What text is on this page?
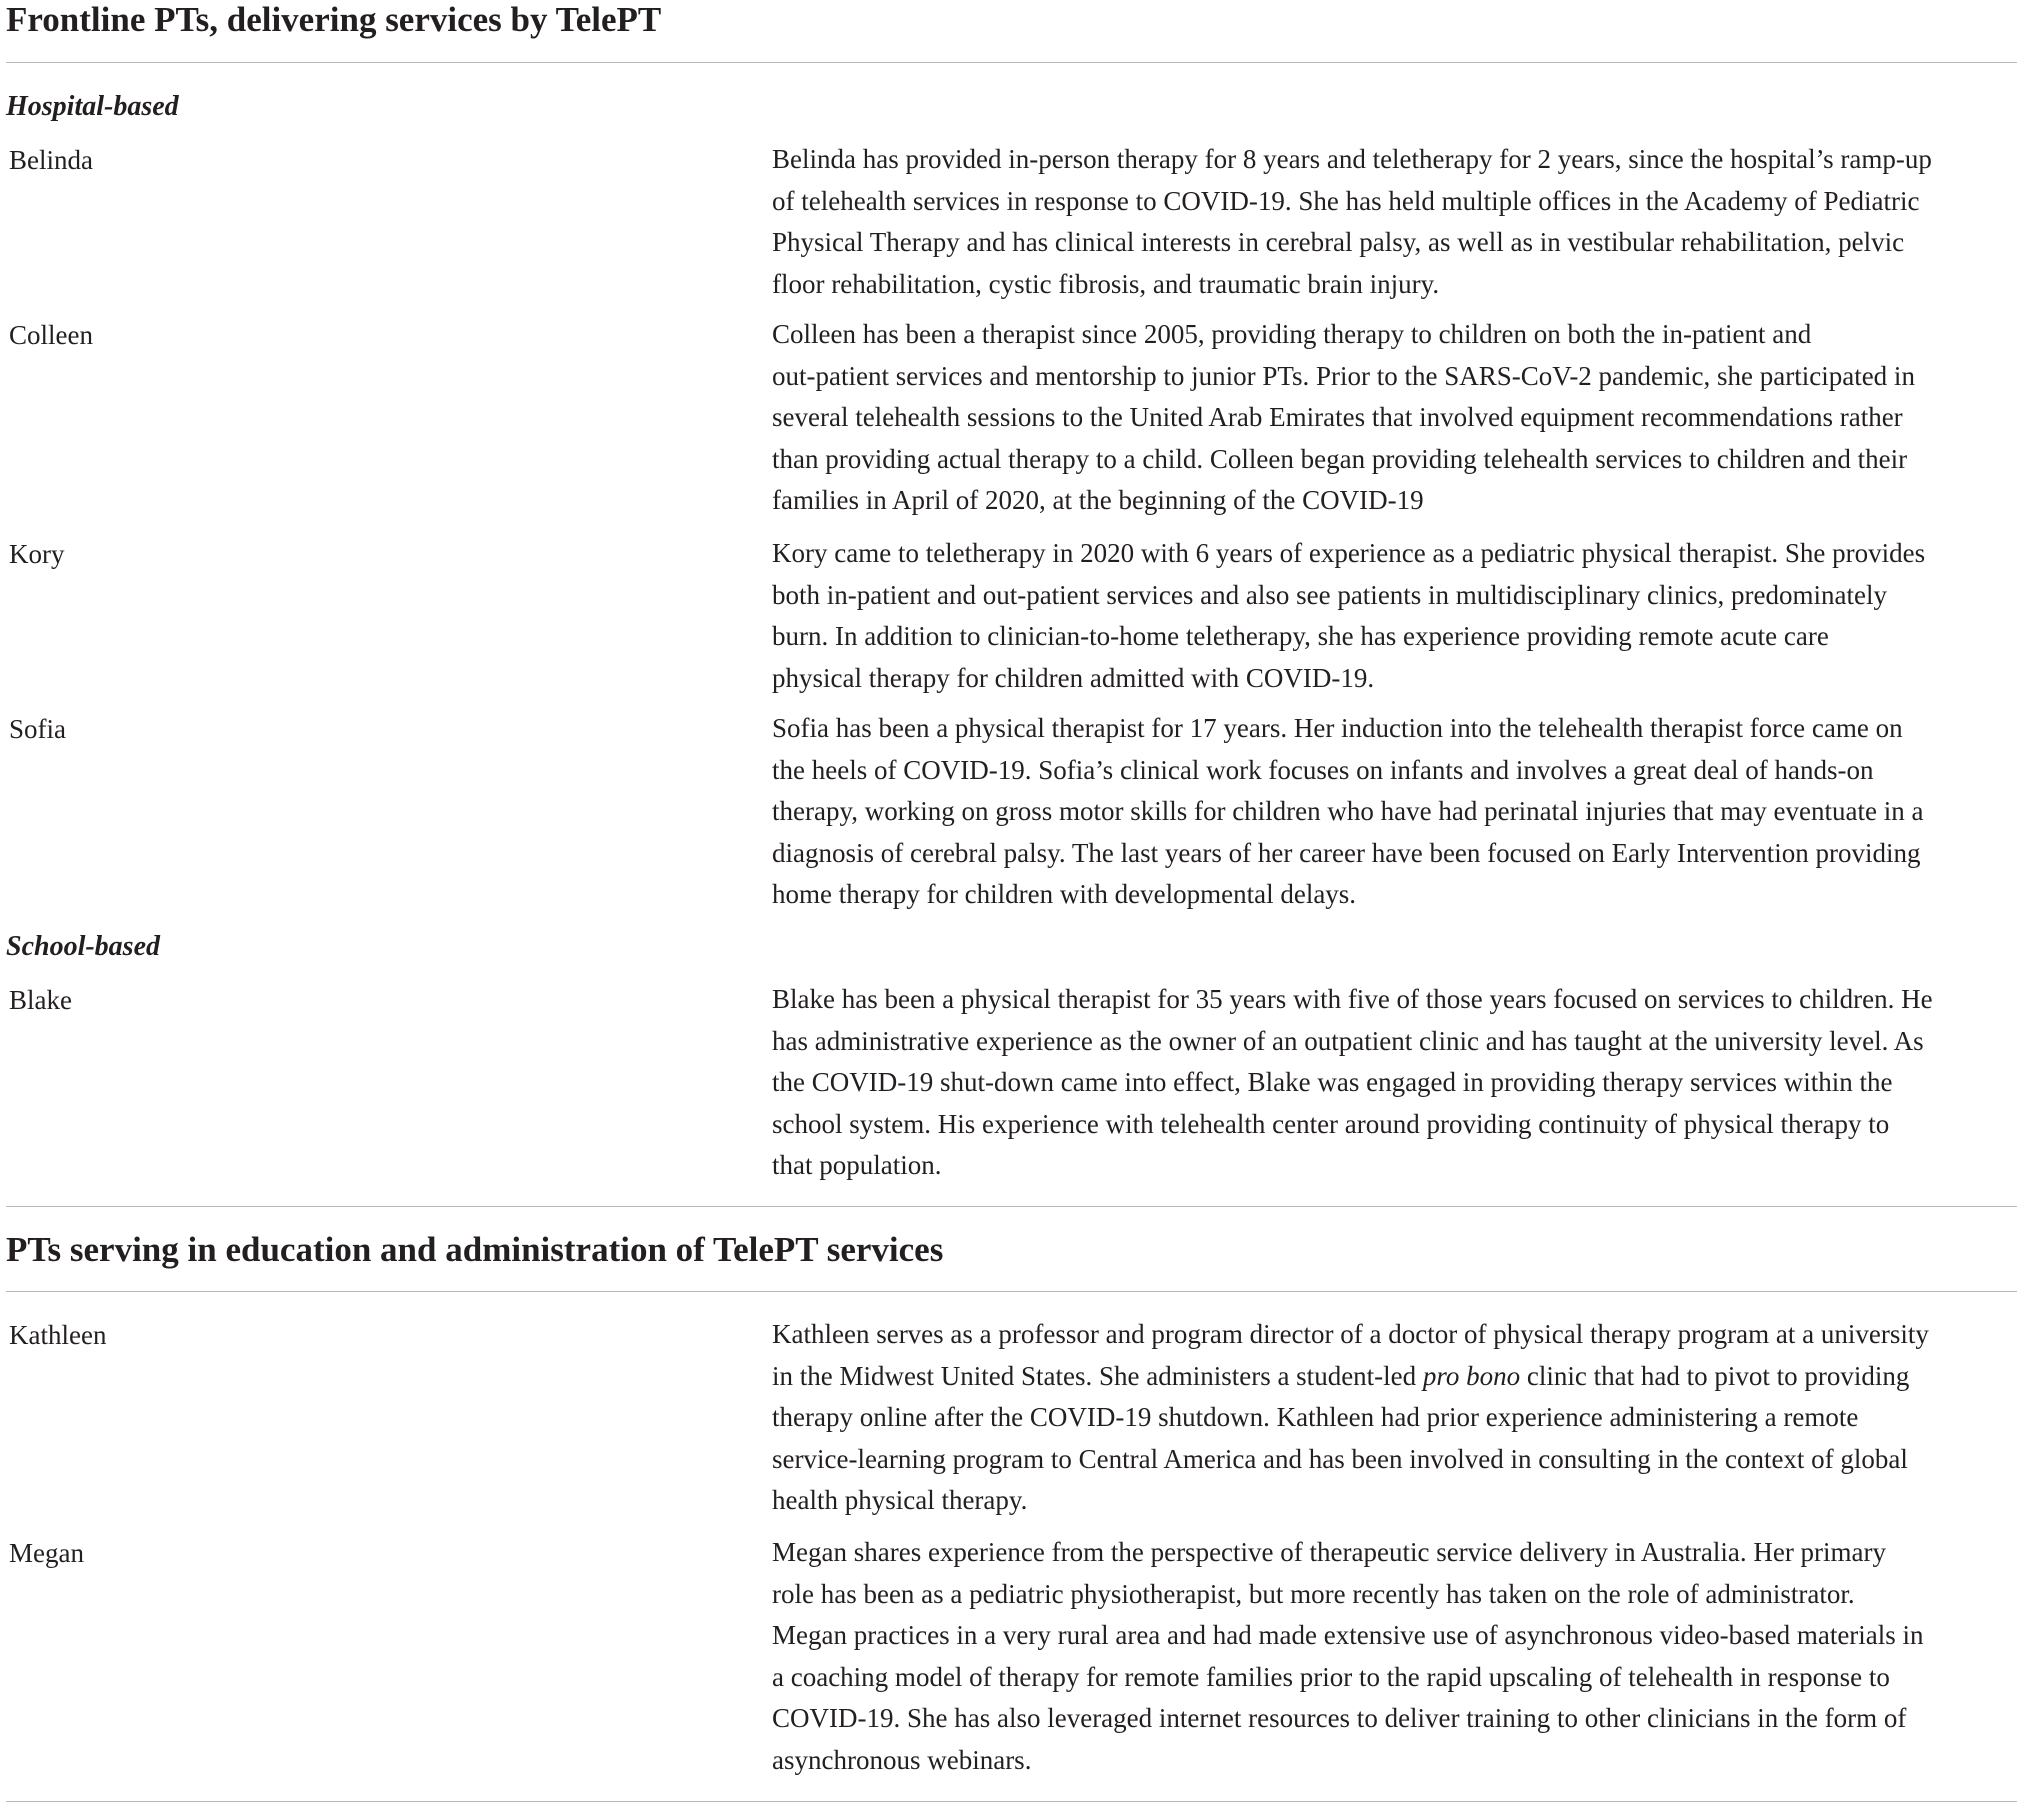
Frontline PTs, delivering services by TelePT
Hospital-based
Belinda	Belinda has provided in-person therapy for 8 years and teletherapy for 2 years, since the hospital’s ramp-up
of telehealth services in response to COVID-19. She has held multiple offices in the Academy of Pediatric
Physical Therapy and has clinical interests in cerebral palsy, as well as in vestibular rehabilitation, pelvic
floor rehabilitation, cystic fibrosis, and traumatic brain injury.
Colleen	Colleen has been a therapist since 2005, providing therapy to children on both the in-patient and
out-patient services and mentorship to junior PTs. Prior to the SARS-CoV-2 pandemic, she participated in
several telehealth sessions to the United Arab Emirates that involved equipment recommendations rather
than providing actual therapy to a child. Colleen began providing telehealth services to children and their
families in April of 2020, at the beginning of the COVID-19
Kory	Kory came to teletherapy in 2020 with 6 years of experience as a pediatric physical therapist. She provides
both in-patient and out-patient services and also see patients in multidisciplinary clinics, predominately
burn. In addition to clinician-to-home teletherapy, she has experience providing remote acute care
physical therapy for children admitted with COVID-19.
Sofia	Sofia has been a physical therapist for 17 years. Her induction into the telehealth therapist force came on
the heels of COVID-19. Sofia’s clinical work focuses on infants and involves a great deal of hands-on
therapy, working on gross motor skills for children who have had perinatal injuries that may eventuate in a
diagnosis of cerebral palsy. The last years of her career have been focused on Early Intervention providing
home therapy for children with developmental delays.
School-based
Blake	Blake has been a physical therapist for 35 years with five of those years focused on services to children. He
has administrative experience as the owner of an outpatient clinic and has taught at the university level. As
the COVID-19 shut-down came into effect, Blake was engaged in providing therapy services within the
school system. His experience with telehealth center around providing continuity of physical therapy to
that population.
PTs serving in education and administration of TelePT services
Kathleen	Kathleen serves as a professor and program director of a doctor of physical therapy program at a university
in the Midwest United States. She administers a student-led pro bono clinic that had to pivot to providing
therapy online after the COVID-19 shutdown. Kathleen had prior experience administering a remote
service-learning program to Central America and has been involved in consulting in the context of global
health physical therapy.
Megan	Megan shares experience from the perspective of therapeutic service delivery in Australia. Her primary
role has been as a pediatric physiotherapist, but more recently has taken on the role of administrator.
Megan practices in a very rural area and had made extensive use of asynchronous video-based materials in
a coaching model of therapy for remote families prior to the rapid upscaling of telehealth in response to
COVID-19. She has also leveraged internet resources to deliver training to other clinicians in the form of
asynchronous webinars.
